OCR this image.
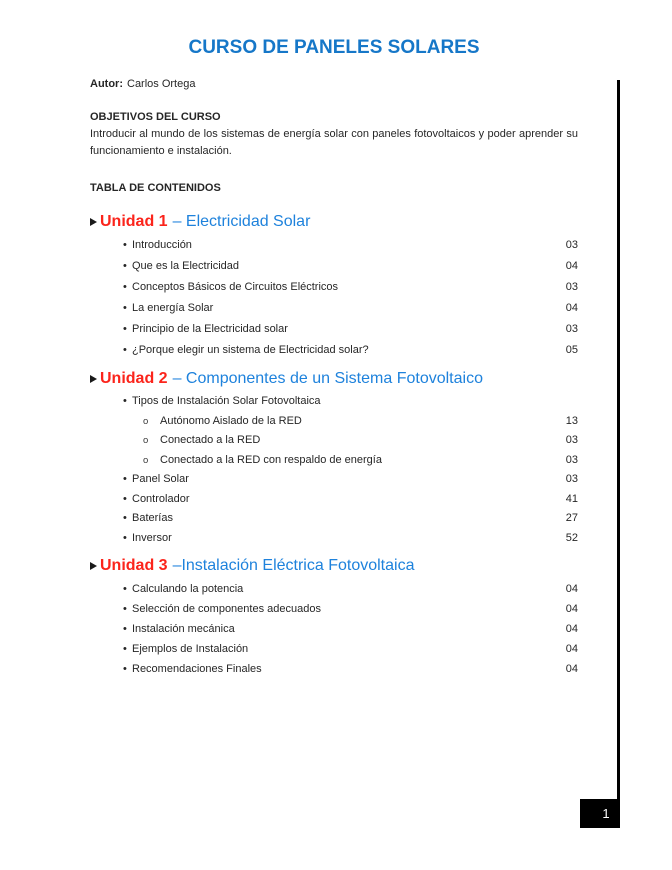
1
CURSO DE PANELES SOLARES

Autor: Carlos Ortega

OBJETIVOS DEL CURSO

Introducir al mundo de los sistemas de energía solar con paneles fotovoltaicos y poder aprender su funcionamiento e instalación.

TABLA DE CONTENIDOS

Unidad 1 – Electricidad Solar
• Introducción	03
• Que es la Electricidad	04
• Conceptos Básicos de Circuitos Eléctricos	03
• La energía Solar	04
• Principio de la Electricidad solar	03
• ¿Porque elegir un sistema de Electricidad solar?	05
Unidad 2 – Componentes de un Sistema Fotovoltaico
• Tipos de Instalación Solar Fotovoltaica
o	Autónomo Aislado de la RED	13
o	Conectado a la RED	03
o	Conectado a la RED con respaldo de energía	03
• Panel Solar	03
• Controlador	41
• Baterías	27
• Inversor	52
Unidad 3 –Instalación Eléctrica Fotovoltaica
• Calculando la potencia	04
• Selección de componentes adecuados	04
• Instalación mecánica	04
• Ejemplos de Instalación	04
• Recomendaciones Finales	04
